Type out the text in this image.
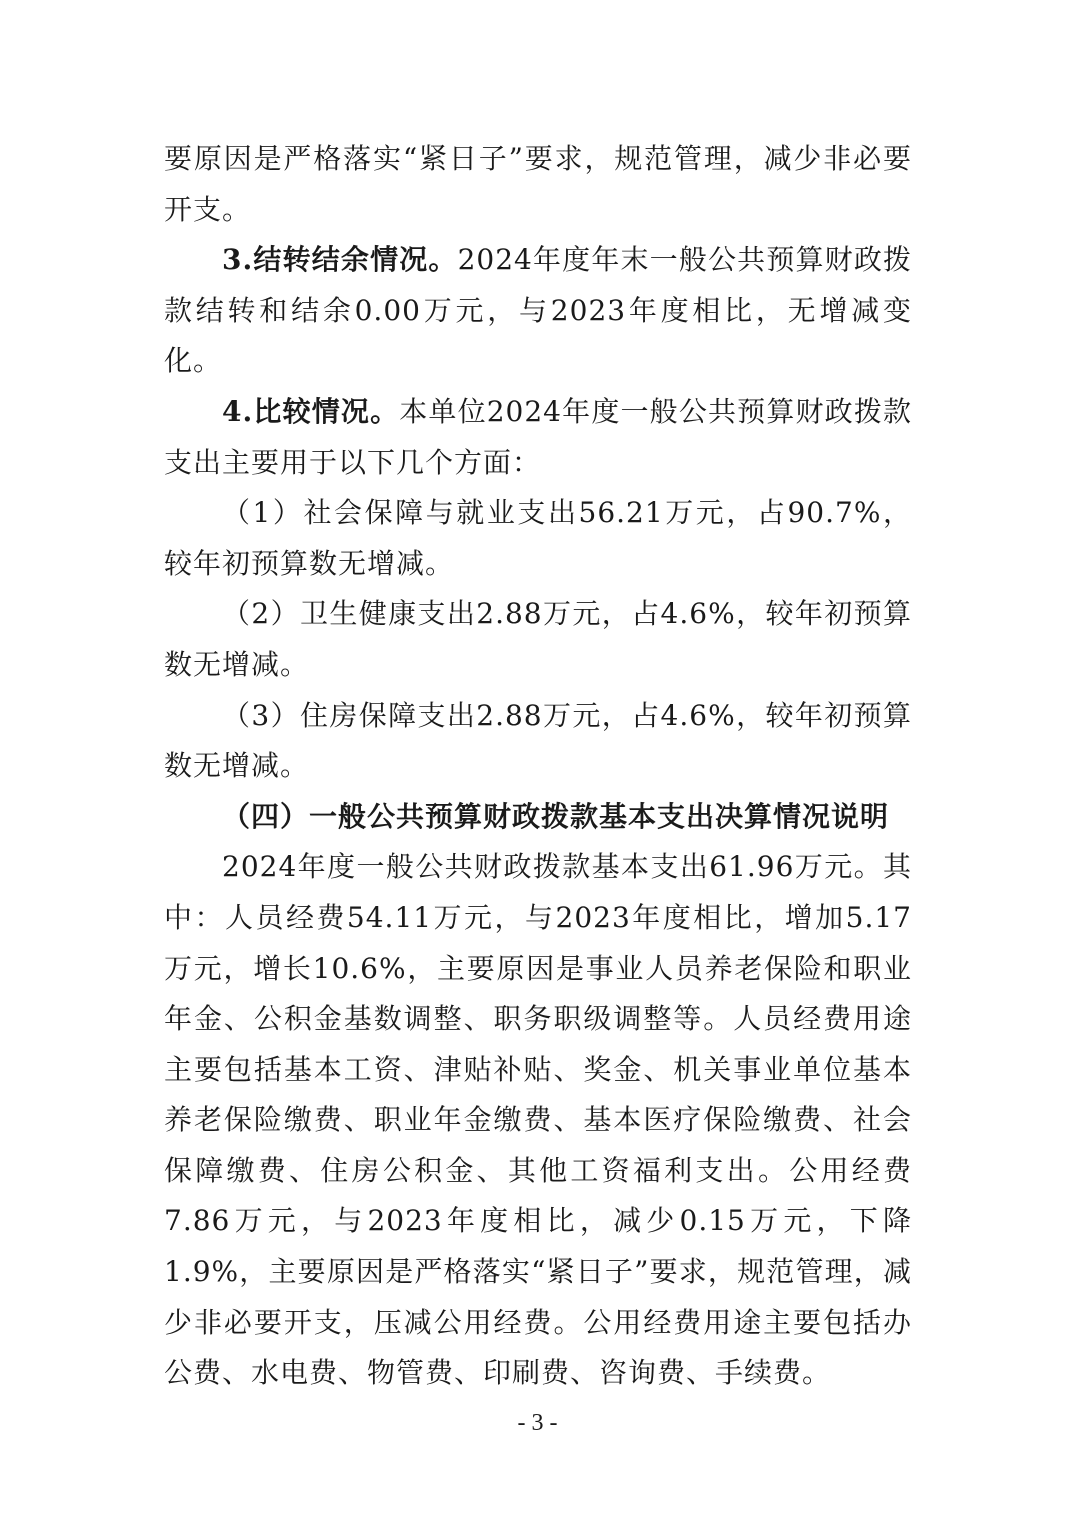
要原因是严格落实“紧日子”要求，规范管理，减少非必要开支。

3.结转结余情况。2024年度年末一般公共预算财政拨款结转和结余0.00万元，与2023年度相比，无增减变化。

4.比较情况。本单位2024年度一般公共预算财政拨款支出主要用于以下几个方面：

（1）社会保障与就业支出56.21万元，占90.7%，较年初预算数无增减。

（2）卫生健康支出2.88万元，占4.6%，较年初预算数无增减。

（3）住房保障支出2.88万元，占4.6%，较年初预算数无增减。

（四）一般公共预算财政拨款基本支出决算情况说明

2024年度一般公共财政拨款基本支出61.96万元。其中：人员经费54.11万元，与2023年度相比，增加5.17万元，增长10.6%，主要原因是事业人员养老保险和职业年金、公积金基数调整、职务职级调整等。人员经费用途主要包括基本工资、津贴补贴、奖金、机关事业单位基本养老保险缴费、职业年金缴费、基本医疗保险缴费、社会保障缴费、住房公积金、其他工资福利支出。公用经费7.86万元，与2023年度相比，减少0.15万元，下降1.9%，主要原因是严格落实“紧日子”要求，规范管理，减少非必要开支，压减公用经费。公用经费用途主要包括办公费、水电费、物管费、印刷费、咨询费、手续费。

- 3 -
